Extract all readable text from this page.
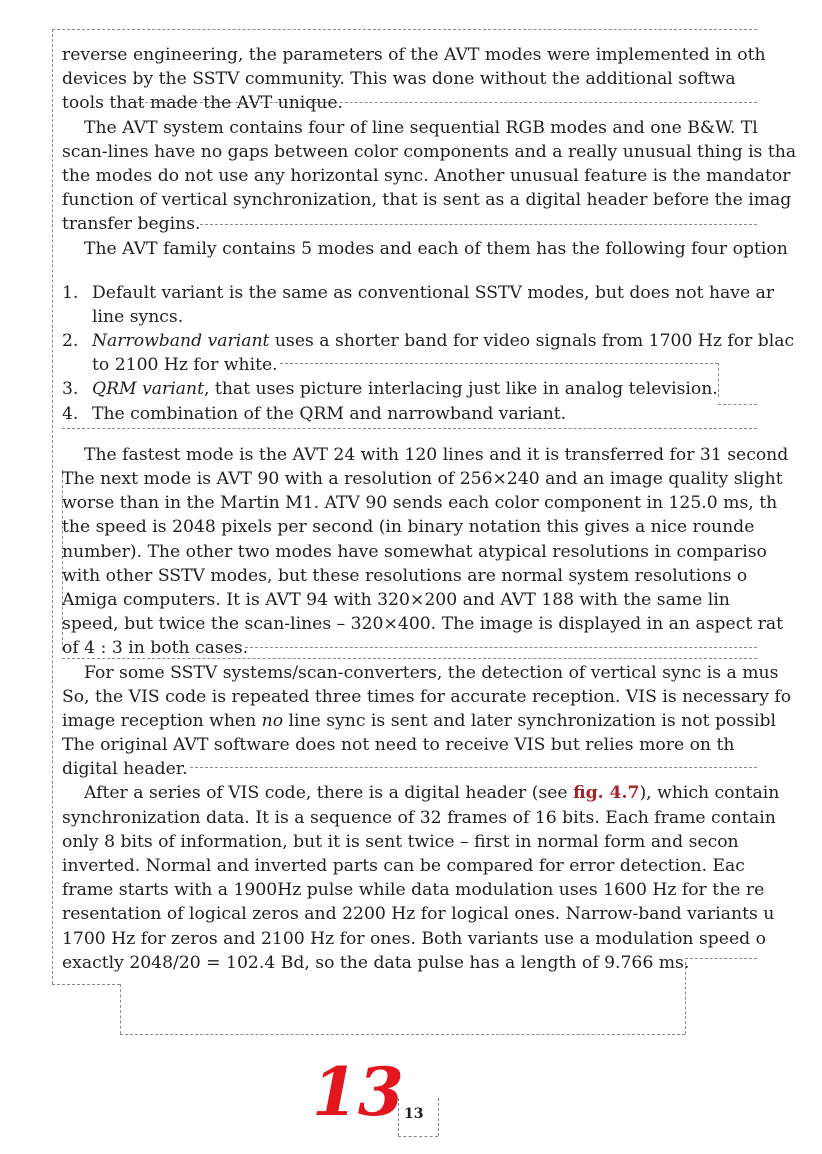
reverse engineering, the parameters of the AVT modes were implemented in oth
devices by the SSTV community. This was done without the additional softwa
tools that made the AVT unique.
The AVT system contains four of line sequential RGB modes and one B&W. Tl
scan-lines have no gaps between color components and a really unusual thing is tha
the modes do not use any horizontal sync. Another unusual feature is the mandator
function of vertical synchronization, that is sent as a digital header before the imag
transfer begins.
The AVT family contains 5 modes and each of them has the following four option
1. Default variant is the same as conventional SSTV modes, but does not have ar
line syncs.
2. Narrowband variant uses a shorter band for video signals from 1700 Hz for blac
to 2100 Hz for white.
3. QRM variant, that uses picture interlacing just like in analog television.
4. The combination of the QRM and narrowband variant.
The fastest mode is the AVT 24 with 120 lines and it is transferred for 31 second
The next mode is AVT 90 with a resolution of 256×240 and an image quality slight
worse than in the Martin M1. ATV 90 sends each color component in 125.0 ms, th
the speed is 2048 pixels per second (in binary notation this gives a nice rounde
number). The other two modes have somewhat atypical resolutions in compariso
with other SSTV modes, but these resolutions are normal system resolutions o
Amiga computers. It is AVT 94 with 320×200 and AVT 188 with the same lin
speed, but twice the scan-lines – 320×400. The image is displayed in an aspect rat
of 4 : 3 in both cases.
For some SSTV systems/scan-converters, the detection of vertical sync is a mus
So, the VIS code is repeated three times for accurate reception. VIS is necessary fo
image reception when no line sync is sent and later synchronization is not possibl
The original AVT software does not need to receive VIS but relies more on th
digital header.
After a series of VIS code, there is a digital header (see fig. 4.7), which contain
synchronization data. It is a sequence of 32 frames of 16 bits. Each frame contain
only 8 bits of information, but it is sent twice – first in normal form and secon
inverted. Normal and inverted parts can be compared for error detection. Eac
frame starts with a 1900Hz pulse while data modulation uses 1600 Hz for the re
resentation of logical zeros and 2200 Hz for logical ones. Narrow-band variants u
1700 Hz for zeros and 2100 Hz for ones. Both variants use a modulation speed o
exactly 2048/20 = 102.4 Bd, so the data pulse has a length of 9.766 ms.
13 13
